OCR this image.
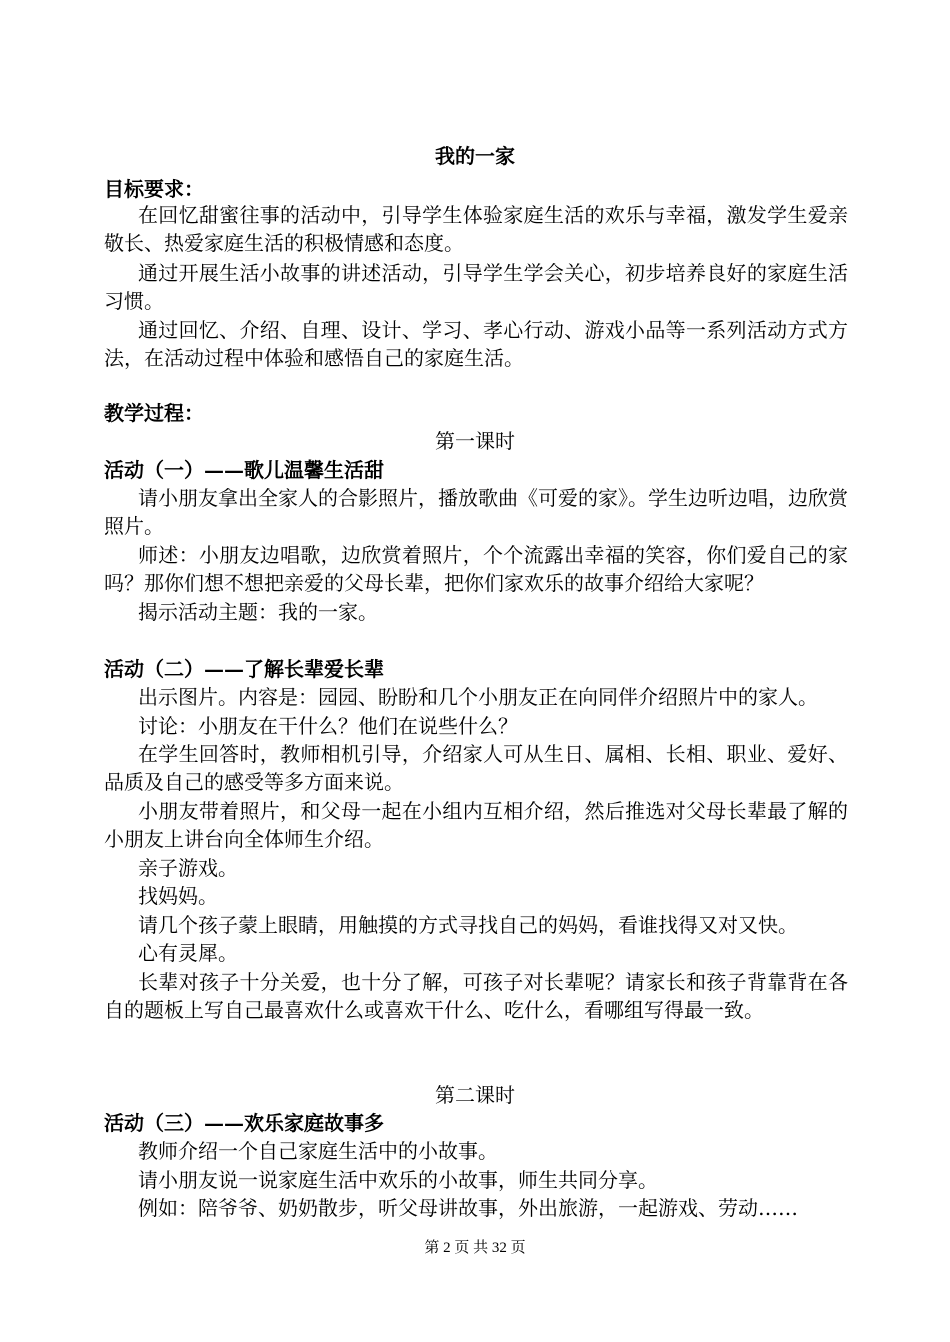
我的一家
目标要求：
在回忆甜蜜往事的活动中，引导学生体验家庭生活的欢乐与幸福，激发学生爱亲敬长、热爱家庭生活的积极情感和态度。
通过开展生活小故事的讲述活动，引导学生学会关心，初步培养良好的家庭生活习惯。
通过回忆、介绍、自理、设计、学习、孝心行动、游戏小品等一系列活动方式方法，在活动过程中体验和感悟自己的家庭生活。
教学过程：
第一课时
活动（一）——歌儿温馨生活甜
请小朋友拿出全家人的合影照片，播放歌曲《可爱的家》。学生边听边唱，边欣赏照片。
师述：小朋友边唱歌，边欣赏着照片，个个流露出幸福的笑容，你们爱自己的家吗？那你们想不想把亲爱的父母长辈，把你们家欢乐的故事介绍给大家呢？
揭示活动主题：我的一家。
活动（二）——了解长辈爱长辈
出示图片。内容是：园园、盼盼和几个小朋友正在向同伴介绍照片中的家人。
讨论：小朋友在干什么？他们在说些什么？
在学生回答时，教师相机引导，介绍家人可从生日、属相、长相、职业、爱好、品质及自己的感受等多方面来说。
小朋友带着照片，和父母一起在小组内互相介绍，然后推选对父母长辈最了解的小朋友上讲台向全体师生介绍。
亲子游戏。
找妈妈。
请几个孩子蒙上眼睛，用触摸的方式寻找自己的妈妈，看谁找得又对又快。
心有灵犀。
长辈对孩子十分关爱，也十分了解，可孩子对长辈呢？请家长和孩子背靠背在各自的题板上写自己最喜欢什么或喜欢干什么、吃什么，看哪组写得最一致。
第二课时
活动（三）——欢乐家庭故事多
教师介绍一个自己家庭生活中的小故事。
请小朋友说一说家庭生活中欢乐的小故事，师生共同分享。
例如：陪爷爷、奶奶散步，听父母讲故事，外出旅游，一起游戏、劳动……
第 2 页 共 32 页
